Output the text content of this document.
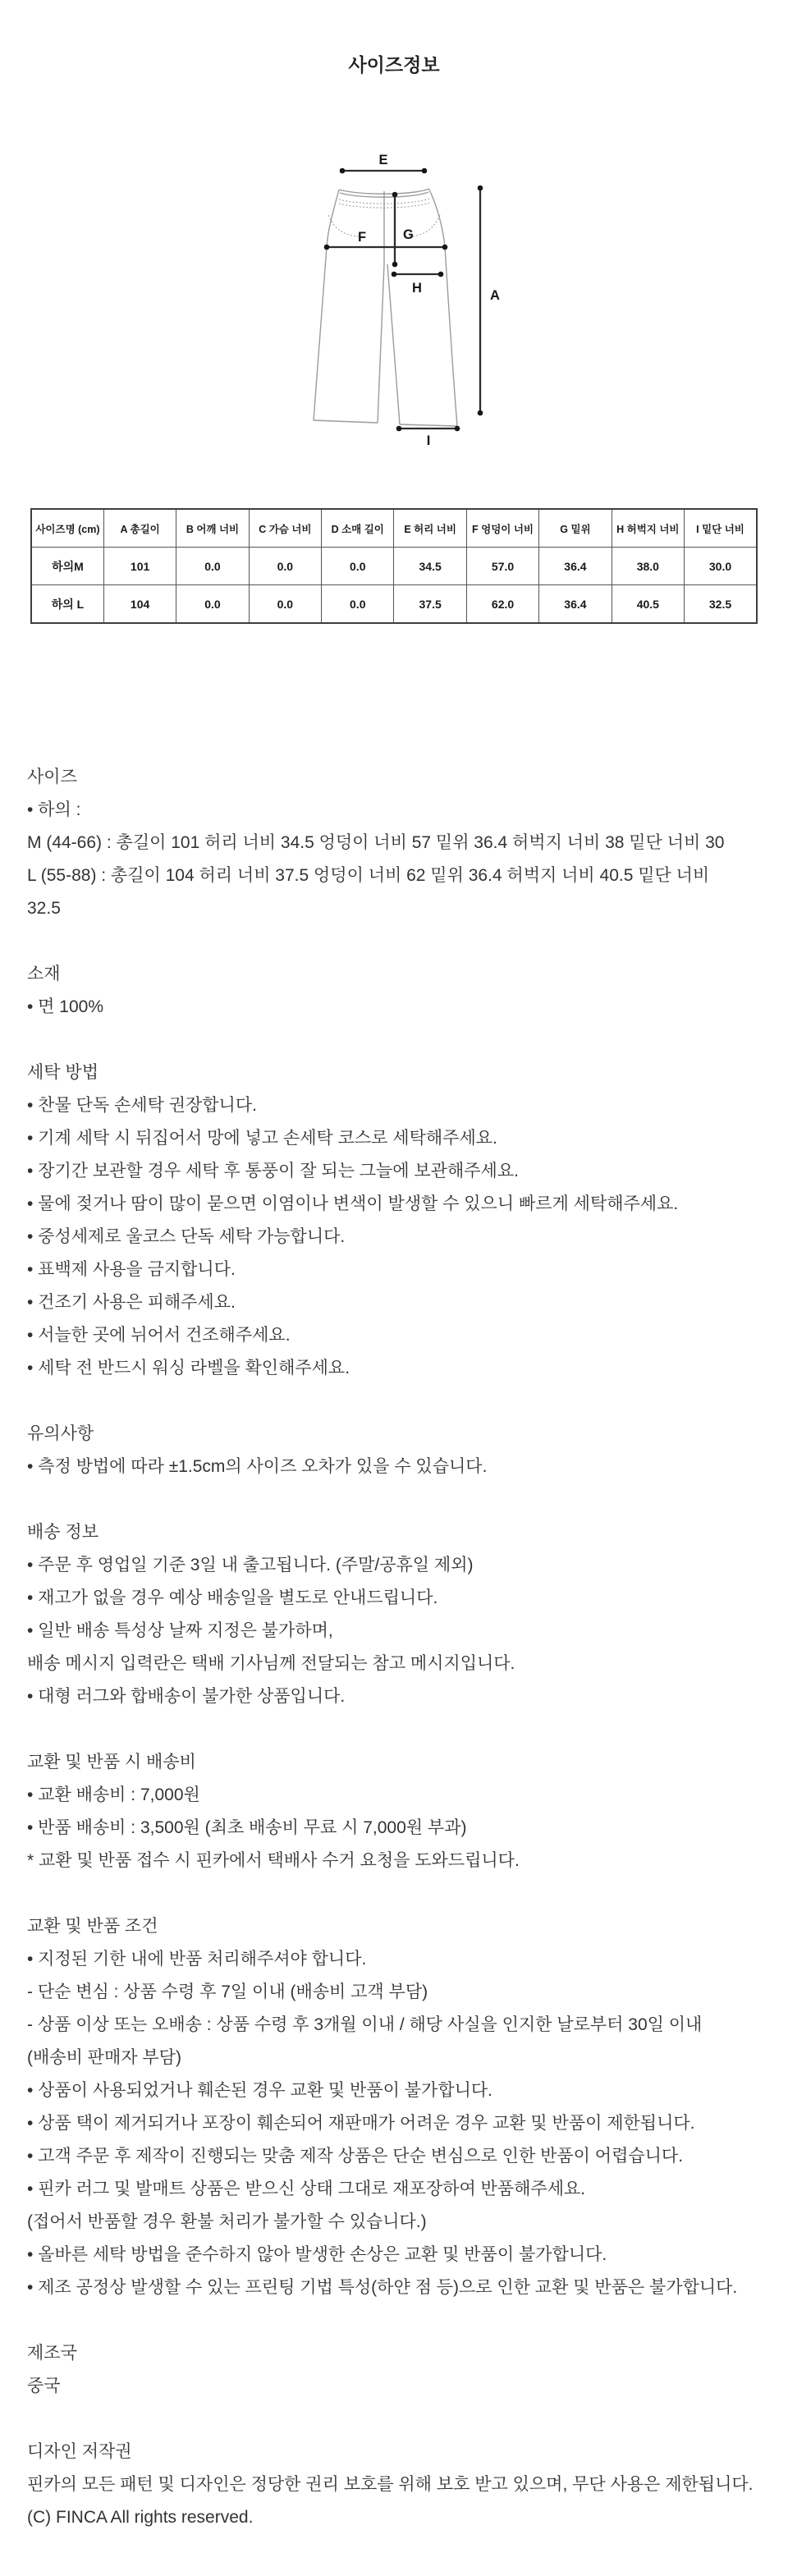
사이즈정보
E
A
F	G
H
I
사이즈명 (cm)	A 총길이	B 어깨 너비	C 가슴 너비	D 소매 길이	E 허리 너비	F 엉덩이 너비	G 밑위	H 허벅지 너비	I 밑단 너비
하의M	101	0.0	0.0	0.0	34.5	57.0	36.4	38.0	30.0
하의 L	104	0.0	0.0	0.0	37.5	62.0	36.4	40.5	32.5
사이즈
• 하의 :
M (44-66) : 총길이 101 허리 너비 34.5 엉덩이 너비 57 밑위 36.4 허벅지 너비 38 밑단 너비 30
L (55-88) : 총길이 104 허리 너비 37.5 엉덩이 너비 62 밑위 36.4 허벅지 너비 40.5 밑단 너비
32.5
소재
• 면 100%
세탁 방법
• 찬물 단독 손세탁 권장합니다.
• 기계 세탁 시 뒤집어서 망에 넣고 손세탁 코스로 세탁해주세요.
• 장기간 보관할 경우 세탁 후 통풍이 잘 되는 그늘에 보관해주세요.
• 물에 젖거나 땀이 많이 묻으면 이염이나 변색이 발생할 수 있으니 빠르게 세탁해주세요.
• 중성세제로 울코스 단독 세탁 가능합니다.
• 표백제 사용을 금지합니다.
• 건조기 사용은 피해주세요.
• 서늘한 곳에 뉘어서 건조해주세요.
• 세탁 전 반드시 워싱 라벨을 확인해주세요.
유의사항
• 측정 방법에 따라 ±1.5cm의 사이즈 오차가 있을 수 있습니다.
배송 정보
• 주문 후 영업일 기준 3일 내 출고됩니다. (주말/공휴일 제외)
• 재고가 없을 경우 예상 배송일을 별도로 안내드립니다.
• 일반 배송 특성상 날짜 지정은 불가하며,
배송 메시지 입력란은 택배 기사님께 전달되는 참고 메시지입니다.
• 대형 러그와 합배송이 불가한 상품입니다.
교환 및 반품 시 배송비
• 교환 배송비 : 7,000원
• 반품 배송비 : 3,500원 (최초 배송비 무료 시 7,000원 부과)
* 교환 및 반품 접수 시 핀카에서 택배사 수거 요청을 도와드립니다.
교환 및 반품 조건
• 지정된 기한 내에 반품 처리해주셔야 합니다.
- 단순 변심 : 상품 수령 후 7일 이내 (배송비 고객 부담)
- 상품 이상 또는 오배송 : 상품 수령 후 3개월 이내 / 해당 사실을 인지한 날로부터 30일 이내
(배송비 판매자 부담)
• 상품이 사용되었거나 훼손된 경우 교환 및 반품이 불가합니다.
• 상품 택이 제거되거나 포장이 훼손되어 재판매가 어려운 경우 교환 및 반품이 제한됩니다.
• 고객 주문 후 제작이 진행되는 맞춤 제작 상품은 단순 변심으로 인한 반품이 어렵습니다.
• 핀카 러그 및 발매트 상품은 받으신 상태 그대로 재포장하여 반품해주세요.
(접어서 반품할 경우 환불 처리가 불가할 수 있습니다.)
• 올바른 세탁 방법을 준수하지 않아 발생한 손상은 교환 및 반품이 불가합니다.
• 제조 공정상 발생할 수 있는 프린팅 기법 특성(하얀 점 등)으로 인한 교환 및 반품은 불가합니다.
제조국
중국
디자인 저작권
핀카의 모든 패턴 및 디자인은 정당한 권리 보호를 위해 보호 받고 있으며, 무단 사용은 제한됩니다.
(C) FINCA All rights reserved.
